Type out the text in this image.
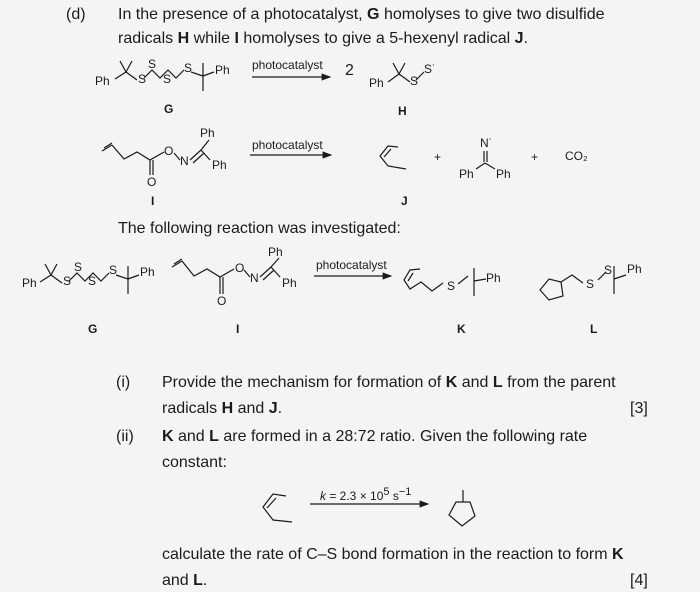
(d) In the presence of a photocatalyst, G homolyses to give two disulfide
radicals H while I homolyses to give a 5-hexenyl radical J.
Ph S
S
S
S Ph photocatalyst 2
Ph S
S˙
G	H
Ph
O
N Ph
O
photocatalyst
+
N˙
Ph Ph
+ CO₂
I	J
The following reaction was investigated:
Ph S
S
S
S Ph
Ph
O
N Ph
O
photocatalyst
S
Ph	S
S Ph
G	I	K	L
(i) Provide the mechanism for formation of K and L from the parent
radicals H and J.	[3]
(ii) K and L are formed in a 28:72 ratio. Given the following rate
constant:
$k = 2.3 \times 10^5$ $s^{-1}$
calculate the rate of C–S bond formation in the reaction to form K
and L.	[4]
